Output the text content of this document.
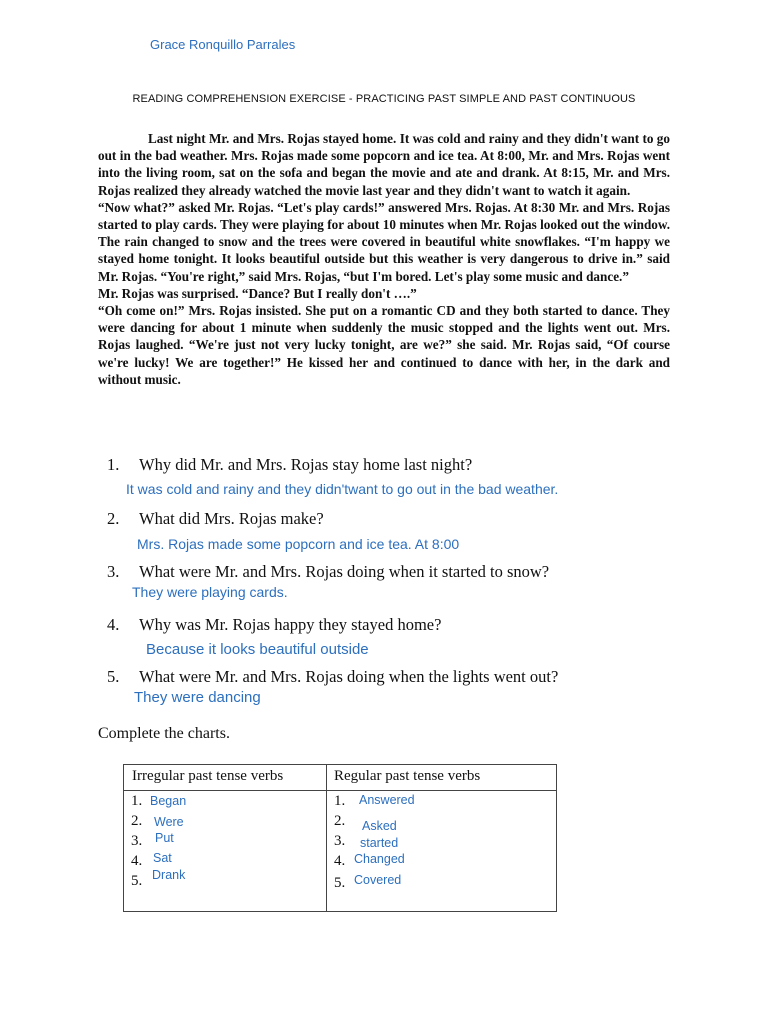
Grace Ronquillo Parrales
READING COMPREHENSION EXERCISE - PRACTICING PAST SIMPLE AND PAST CONTINUOUS

Last night Mr. and Mrs. Rojas stayed home. It was cold and rainy and they didn't want to go out in the bad weather. Mrs. Rojas made some popcorn and ice tea. At 8:00, Mr. and Mrs. Rojas went into the living room, sat on the sofa and began the movie and ate and drank. At 8:15, Mr. and Mrs. Rojas realized they already watched the movie last year and they didn't want to watch it again.

“Now what?” asked Mr. Rojas. “Let's play cards!” answered Mrs. Rojas. At 8:30 Mr. and Mrs. Rojas started to play cards. They were playing for about 10 minutes when Mr. Rojas looked out the window. The rain changed to snow and the trees were covered in beautiful white snowflakes. “I'm happy we stayed home tonight. It looks beautiful outside but this weather is very dangerous to drive in.” said Mr. Rojas. “You're right,” said Mrs. Rojas, “but I'm bored. Let's play some music and dance.”

Mr. Rojas was surprised. “Dance? But I really don't ….”

“Oh come on!” Mrs. Rojas insisted. She put on a romantic CD and they both started to dance. They were dancing for about 1 minute when suddenly the music stopped and the lights went out. Mrs. Rojas laughed. “We're just not very lucky tonight, are we?” she said. Mr. Rojas said, “Of course we're lucky! We are together!” He kissed her and continued to dance with her, in the dark and without music.

1. Why did Mr. and Mrs. Rojas stay home last night?
It was cold and rainy and they didn'twant to go out in the bad weather.
2. What did Mrs. Rojas make?
Mrs. Rojas made some popcorn and ice tea. At 8:00
3. What were Mr. and Mrs. Rojas doing when it started to snow?
They were playing cards.
4. Why was Mr. Rojas happy they stayed home?
Because it looks beautiful outside
5. What were Mr. and Mrs. Rojas doing when the lights went out?
They were dancing
Complete the charts.
Irregular past tense verbs	Regular past tense verbs
1.
2.
3.
4.
5.
Began
Were
Put
Sat
Drank
1.
2.
3.
4.
5.
Answered
Asked
started
Changed
Covered
